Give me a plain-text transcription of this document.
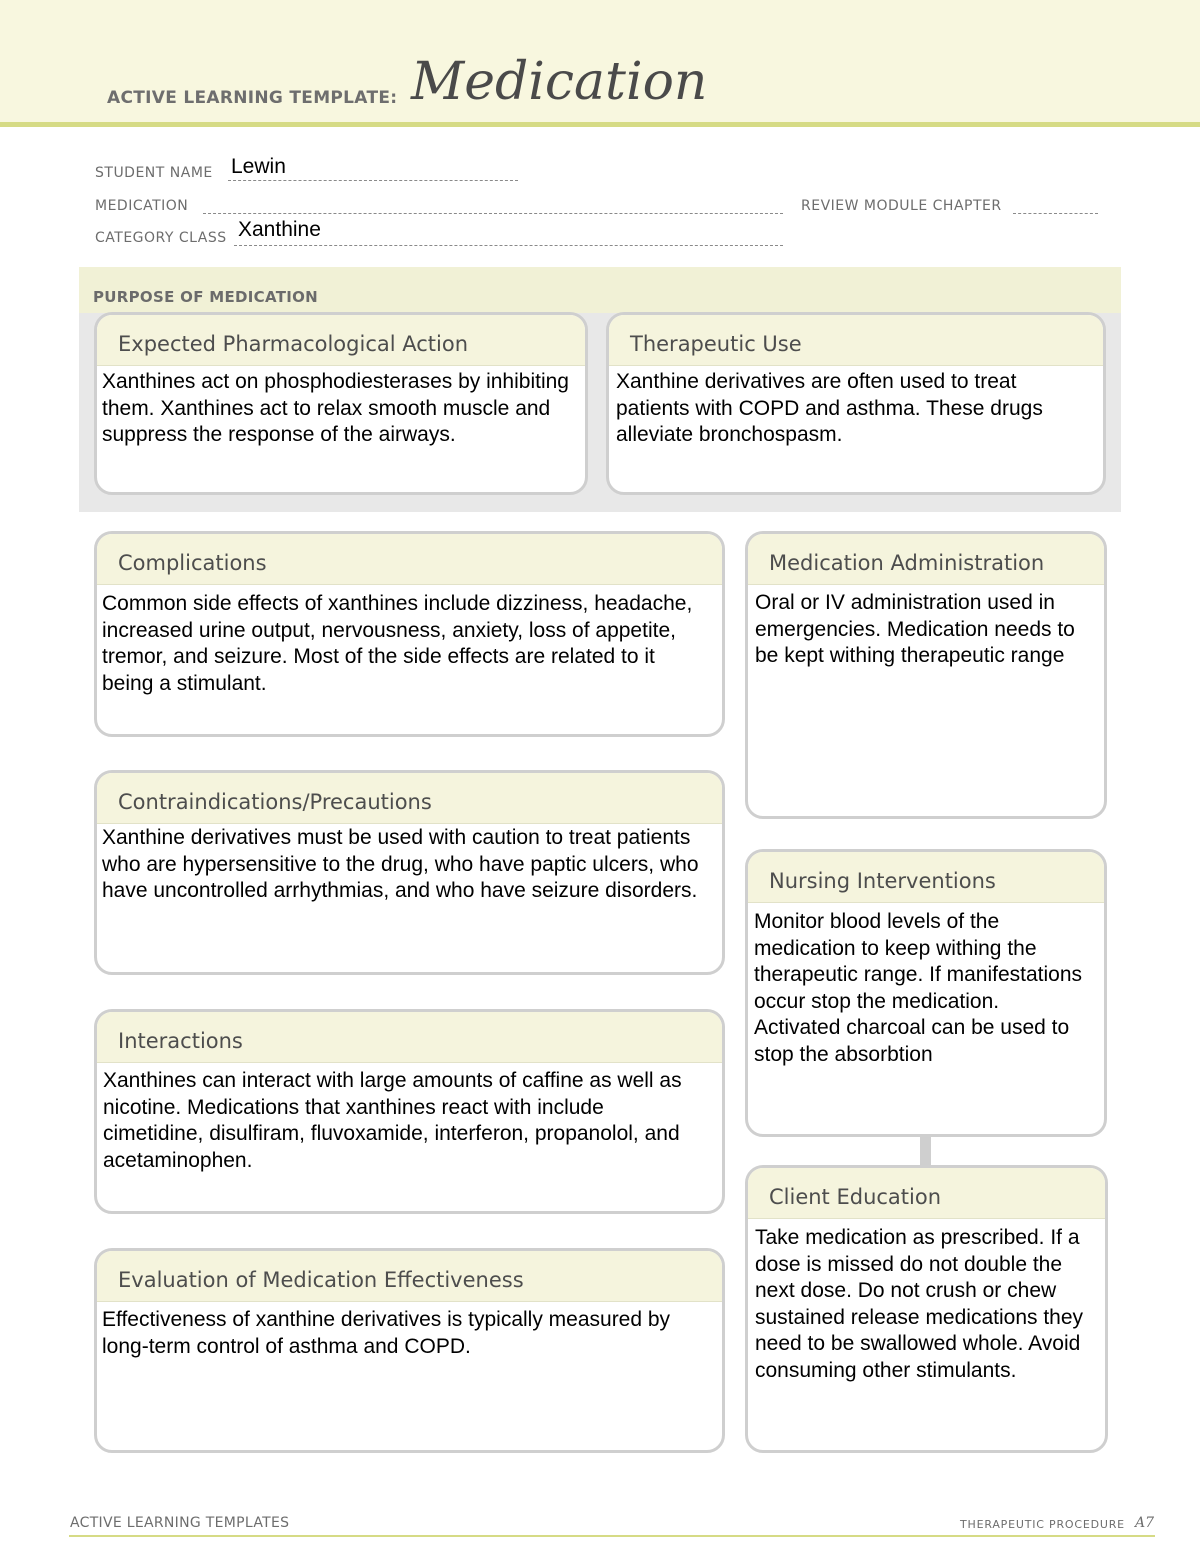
ACTIVE LEARNING TEMPLATE: Medication
STUDENT NAME Lewin
MEDICATION	REVIEW MODULE CHAPTER
CATEGORY CLASS Xanthine
PURPOSE OF MEDICATION
Expected Pharmacological Action
Xanthines act on phosphodiesterases by inhibiting them. Xanthines act to relax smooth muscle and suppress the response of the airways.
Therapeutic Use
Xanthine derivatives are often used to treat patients with COPD and asthma. These drugs alleviate bronchospasm.
Complications
Common side effects of xanthines include dizziness, headache, increased urine output, nervousness, anxiety, loss of appetite, tremor, and seizure. Most of the side effects are related to it being a stimulant.
Contraindications/Precautions
Xanthine derivatives must be used with caution to treat patients who are hypersensitive to the drug, who have paptic ulcers, who have uncontrolled arrhythmias, and who have seizure disorders.
Interactions
Xanthines can interact with large amounts of caffine as well as nicotine. Medications that xanthines react with include cimetidine, disulfiram, fluvoxamide, interferon, propanolol, and acetaminophen.
Evaluation of Medication Effectiveness
Effectiveness of xanthine derivatives is typically measured by long-term control of asthma and COPD.
Medication Administration
Oral or IV administration used in emergencies. Medication needs to be kept withing therapeutic range
Nursing Interventions
Monitor blood levels of the medication to keep withing the therapeutic range. If manifestations occur stop the medication. Activated charcoal can be used to stop the absorbtion
Client Education
Take medication as prescribed. If a dose is missed do not double the next dose. Do not crush or chew sustained release medications they need to be swallowed whole. Avoid consuming other stimulants.
ACTIVE LEARNING TEMPLATES	THERAPEUTIC PROCEDURE A7
